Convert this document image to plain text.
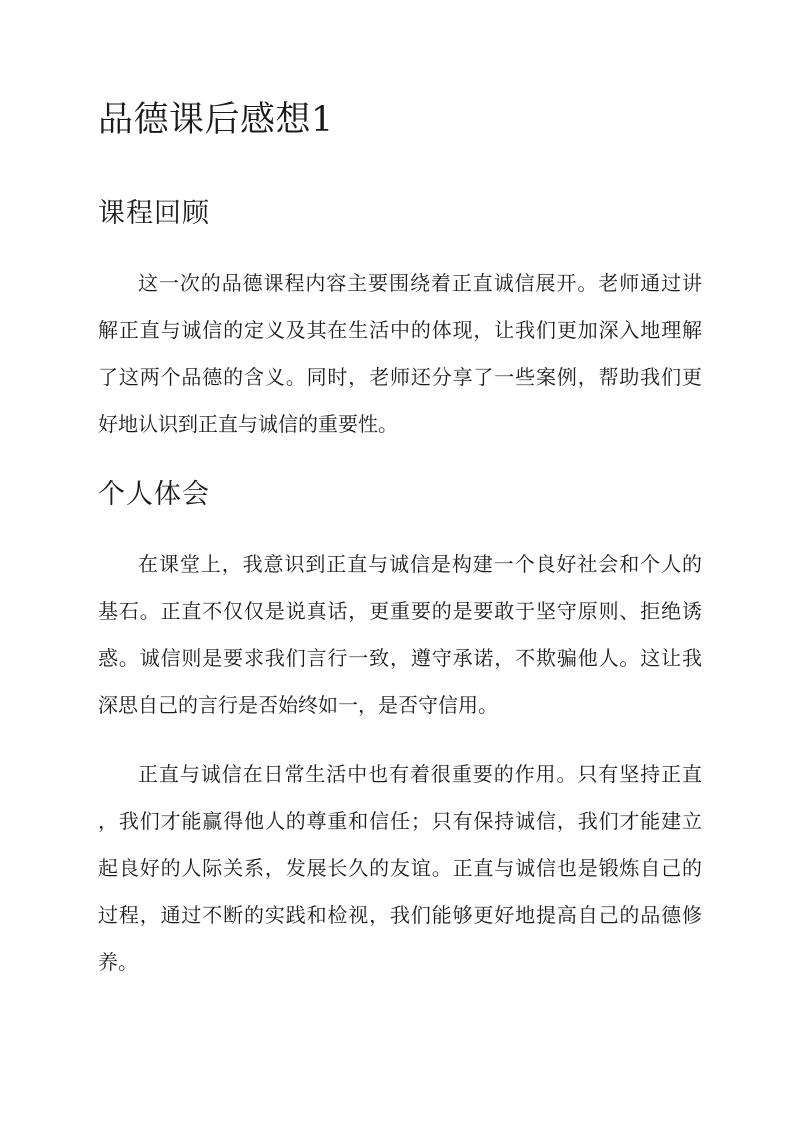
品德课后感想1
课程回顾
这一次的品德课程内容主要围绕着正直诚信展开。老师通过讲
解正直与诚信的定义及其在生活中的体现，让我们更加深入地理解
了这两个品德的含义。同时，老师还分享了一些案例，帮助我们更
好地认识到正直与诚信的重要性。
个人体会
在课堂上，我意识到正直与诚信是构建一个良好社会和个人的
基石。正直不仅仅是说真话，更重要的是要敢于坚守原则、拒绝诱
惑。诚信则是要求我们言行一致，遵守承诺，不欺骗他人。这让我
深思自己的言行是否始终如一，是否守信用。
正直与诚信在日常生活中也有着很重要的作用。只有坚持正直
，我们才能赢得他人的尊重和信任；只有保持诚信，我们才能建立
起良好的人际关系，发展长久的友谊。正直与诚信也是锻炼自己的
过程，通过不断的实践和检视，我们能够更好地提高自己的品德修
养。
